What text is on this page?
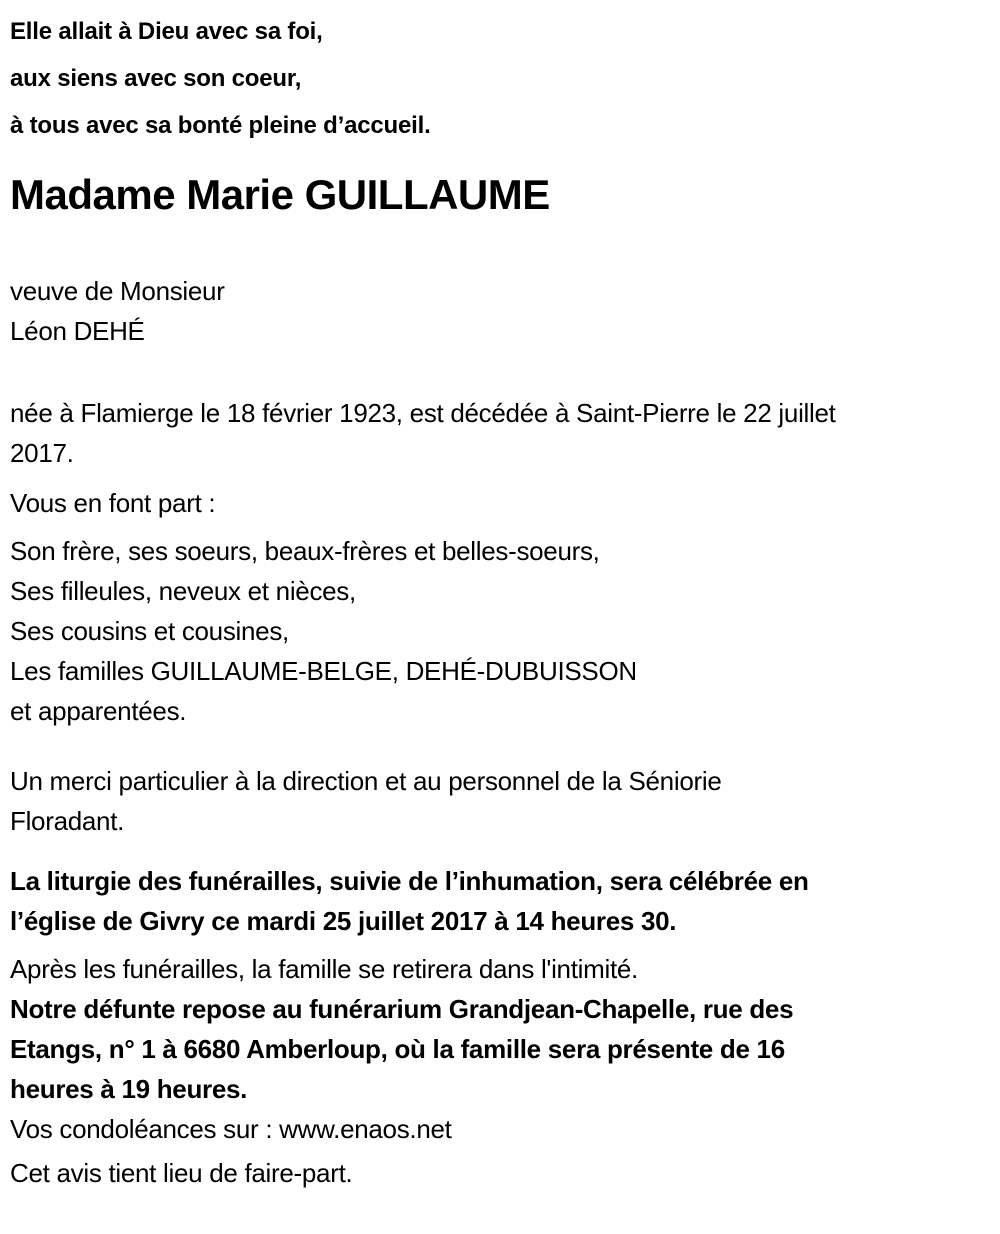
Elle allait à Dieu avec sa foi,
aux siens avec son coeur,
à tous avec sa bonté pleine d’accueil.
Madame Marie GUILLAUME
veuve de Monsieur
Léon DEHÉ
née à Flamierge le 18 février 1923, est décédée à Saint-Pierre le 22 juillet
2017.
Vous en font part :
Son frère, ses soeurs, beaux-frères et belles-soeurs,
Ses filleules, neveux et nièces,
Ses cousins et cousines,
Les familles GUILLAUME-BELGE, DEHÉ-DUBUISSON
et apparentées.
Un merci particulier à la direction et au personnel de la Séniorie
Floradant.
La liturgie des funérailles, suivie de l’inhumation, sera célébrée en
l’église de Givry ce mardi 25 juillet 2017 à 14 heures 30.
Après les funérailles, la famille se retirera dans l'intimité.
Notre défunte repose au funérarium Grandjean-Chapelle, rue des
Etangs, n° 1 à 6680 Amberloup, où la famille sera présente de 16
heures à 19 heures.
Vos condoléances sur : www.enaos.net
Cet avis tient lieu de faire-part.
